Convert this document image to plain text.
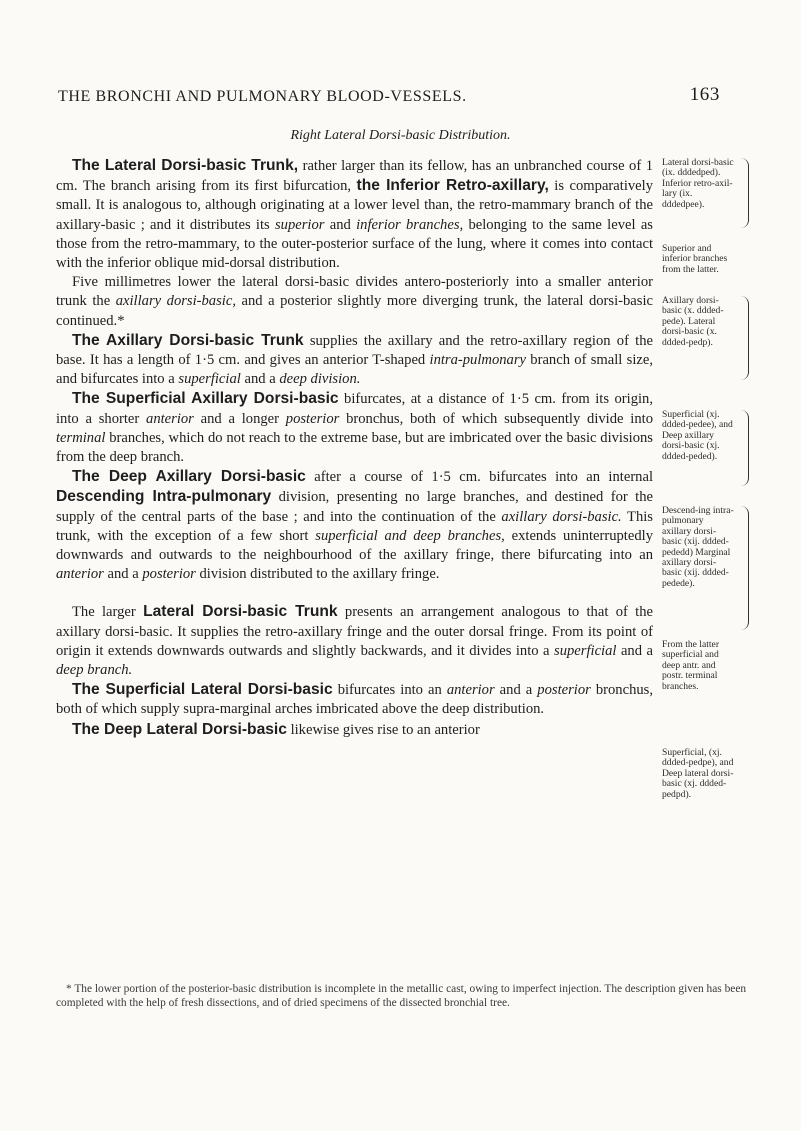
THE BRONCHI AND PULMONARY BLOOD-VESSELS.	163
Right Lateral Dorsi-basic Distribution.

The Lateral Dorsi-basic Trunk, rather larger than its fellow, has an unbranched course of 1 cm. The branch arising from its first bifurcation, the Inferior Retro-axillary, is comparatively small. It is analogous to, although originating at a lower level than, the retro-mammary branch of the axillary-basic ; and it distributes its superior and inferior branches, belonging to the same level as those from the retro-mammary, to the outer-posterior surface of the lung, where it comes into contact with the inferior oblique mid-dorsal distribution.

Five millimetres lower the lateral dorsi-basic divides antero-posteriorly into a smaller anterior trunk the axillary dorsi-basic, and a posterior slightly more diverging trunk, the lateral dorsi-basic continued.*

The Axillary Dorsi-basic Trunk supplies the axillary and the retro-axillary region of the base. It has a length of 1·5 cm. and gives an anterior T-shaped intra-pulmonary branch of small size, and bifurcates into a superficial and a deep division.

The Superficial Axillary Dorsi-basic bifurcates, at a distance of 1·5 cm. from its origin, into a shorter anterior and a longer posterior bronchus, both of which subsequently divide into terminal branches, which do not reach to the extreme base, but are imbricated over the basic divisions from the deep branch.

The Deep Axillary Dorsi-basic after a course of 1·5 cm. bifurcates into an internal Descending Intra-pulmonary division, presenting no large branches, and destined for the supply of the central parts of the base ; and into the continuation of the axillary dorsi-basic. This trunk, with the exception of a few short superficial and deep branches, extends uninterruptedly downwards and outwards to the neighbourhood of the axillary fringe, there bifurcating into an anterior and a posterior division distributed to the axillary fringe.

The larger Lateral Dorsi-basic Trunk presents an arrangement analogous to that of the axillary dorsi-basic. It supplies the retro-axillary fringe and the outer dorsal fringe. From its point of origin it extends downwards outwards and slightly backwards, and it divides into a superficial and a deep branch.

The Superficial Lateral Dorsi-basic bifurcates into an anterior and a posterior bronchus, both of which supply supra-marginal arches imbricated above the deep distribution.

The Deep Lateral Dorsi-basic likewise gives rise to an anterior

Lateral dorsi-basic (ix. dddedped). Inferior retro-axil-lary (ix. dddedpee).
Superior and inferior branches from the latter.
Axillary dorsi-basic (x. ddded-pede). Lateral dorsi-basic (x. ddded-pedp).
Superficial (xj. ddded-pedee), and Deep axillary dorsi-basic (xj. ddded-peded).
Descend-ing intra-pulmonary axillary dorsi-basic (xij. ddded-pededd) Marginal axillary dorsi-basic (xij. ddded-pedede).
From the latter superficial and deep antr. and postr. terminal branches.
Superficial, (xj. ddded-pedpe), and Deep lateral dorsi-basic (xj. ddded-pedpd).

* The lower portion of the posterior-basic distribution is incomplete in the metallic cast, owing to imperfect injection. The description given has been completed with the help of fresh dissections, and of dried specimens of the dissected bronchial tree.
